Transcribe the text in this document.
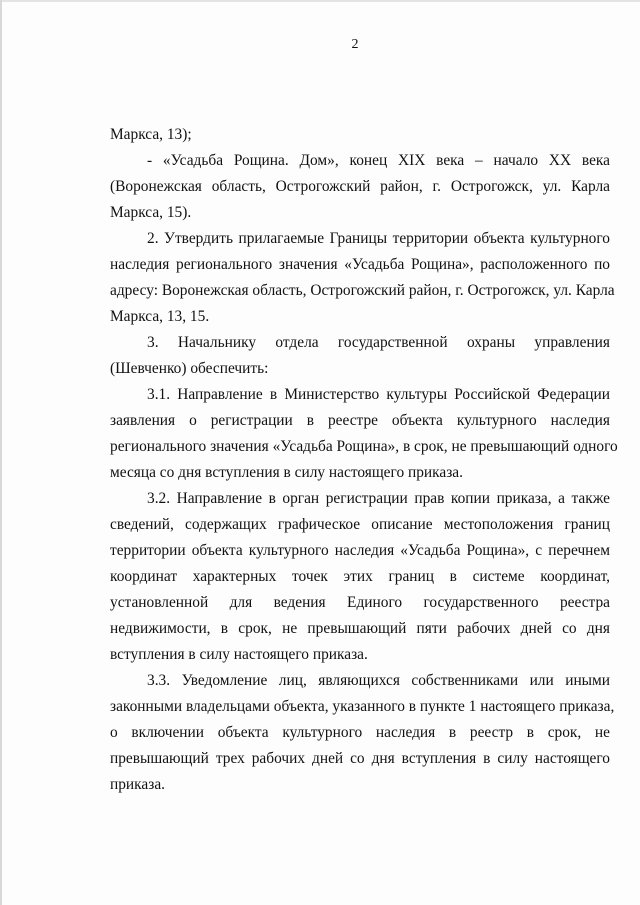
2
Маркса, 13);
- «Усадьба Рощина. Дом», конец XIX века – начало XX века
(Воронежская область, Острогожский район, г. Острогожск, ул. Карла
Маркса, 15).
2. Утвердить прилагаемые Границы территории объекта культурного
наследия регионального значения «Усадьба Рощина», расположенного по
адресу: Воронежская область, Острогожский район, г. Острогожск, ул. Карла
Маркса, 13, 15.
3. Начальнику отдела государственной охраны управления
(Шевченко) обеспечить:
3.1. Направление в Министерство культуры Российской Федерации
заявления о регистрации в реестре объекта культурного наследия
регионального значения «Усадьба Рощина», в срок, не превышающий одного
месяца со дня вступления в силу настоящего приказа.
3.2. Направление в орган регистрации прав копии приказа, а также
сведений, содержащих графическое описание местоположения границ
территории объекта культурного наследия «Усадьба Рощина», с перечнем
координат характерных точек этих границ в системе координат,
установленной для ведения Единого государственного реестра
недвижимости, в срок, не превышающий пяти рабочих дней со дня
вступления в силу настоящего приказа.
3.3. Уведомление лиц, являющихся собственниками или иными
законными владельцами объекта, указанного в пункте 1 настоящего приказа,
о включении объекта культурного наследия в реестр в срок, не
превышающий трех рабочих дней со дня вступления в силу настоящего
приказа.
